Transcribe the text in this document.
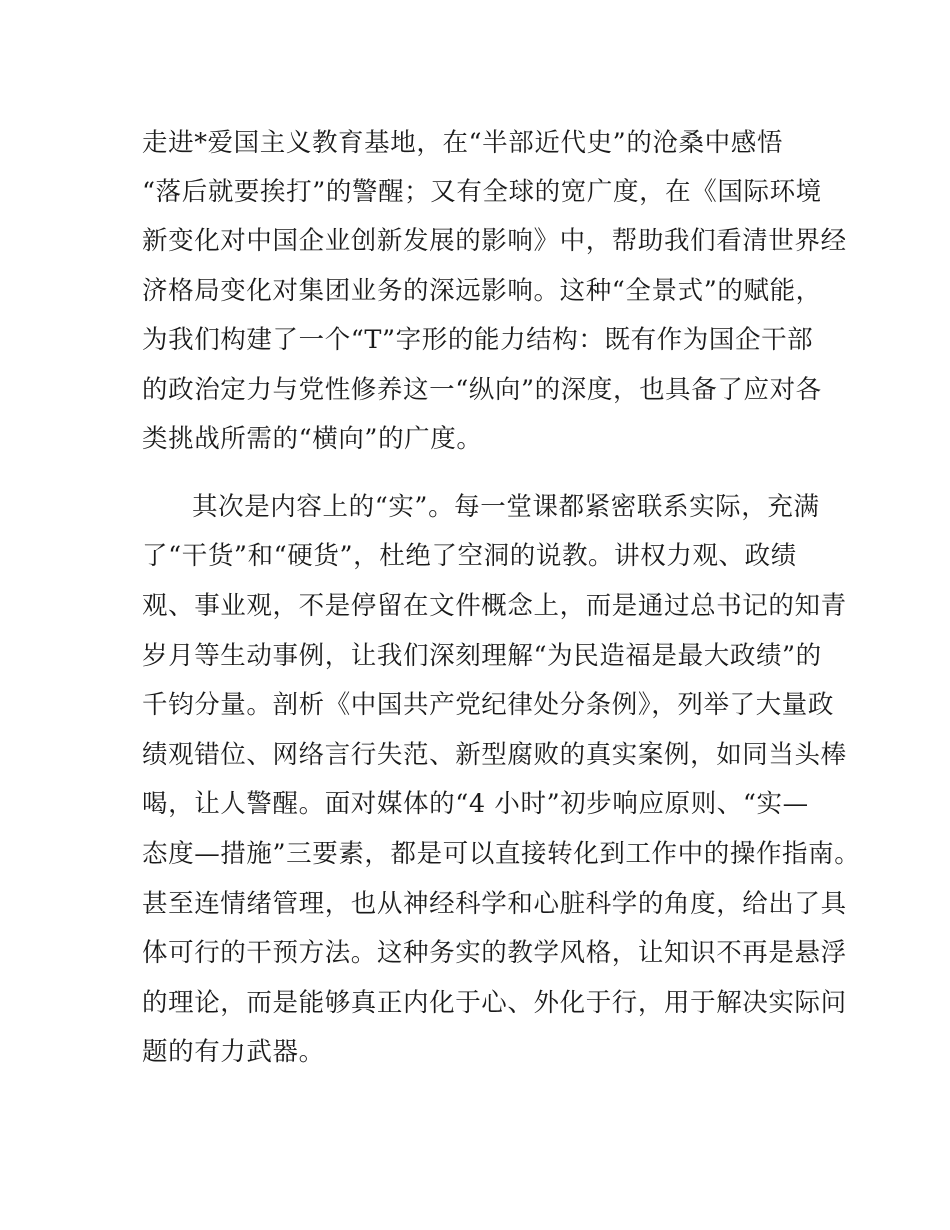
走进*爱国主义教育基地，在“半部近代史”的沧桑中感悟
“落后就要挨打”的警醒；又有全球的宽广度，在《国际环境
新变化对中国企业创新发展的影响》中，帮助我们看清世界经
济格局变化对集团业务的深远影响。这种“全景式”的赋能，
为我们构建了一个“T”字形的能力结构：既有作为国企干部
的政治定力与党性修养这一“纵向”的深度，也具备了应对各
类挑战所需的“横向”的广度。
其次是内容上的“实”。每一堂课都紧密联系实际，充满
了“干货”和“硬货”，杜绝了空洞的说教。讲权力观、政绩
观、事业观，不是停留在文件概念上，而是通过总书记的知青
岁月等生动事例，让我们深刻理解“为民造福是最大政绩”的
千钧分量。剖析《中国共产党纪律处分条例》，列举了大量政
绩观错位、网络言行失范、新型腐败的真实案例，如同当头棒
喝，让人警醒。面对媒体的“4 小时”初步响应原则、“实—
态度—措施”三要素，都是可以直接转化到工作中的操作指南。
甚至连情绪管理，也从神经科学和心脏科学的角度，给出了具
体可行的干预方法。这种务实的教学风格，让知识不再是悬浮
的理论，而是能够真正内化于心、外化于行，用于解决实际问
题的有力武器。
